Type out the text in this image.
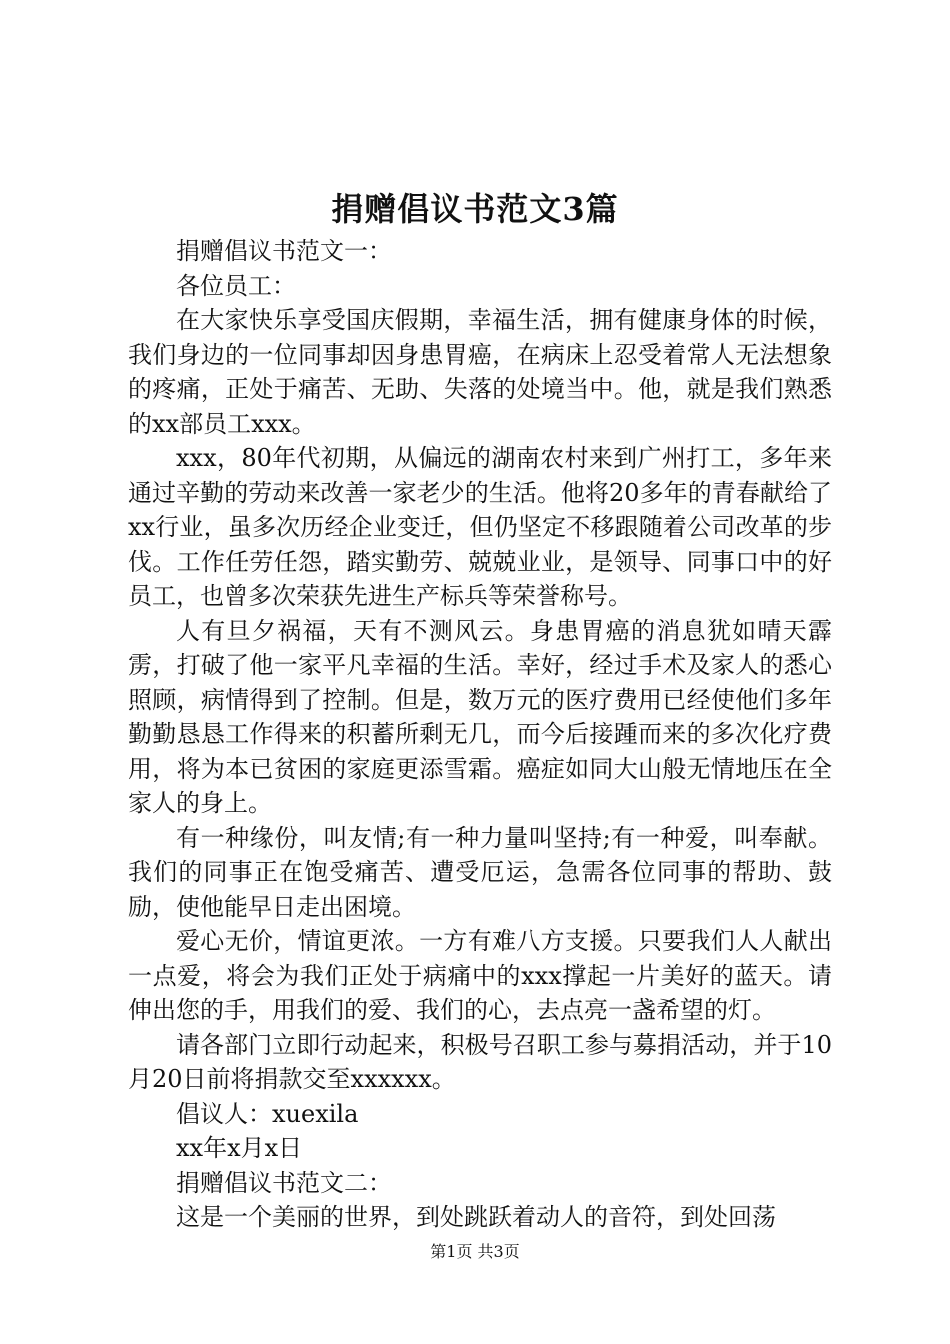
捐赠倡议书范文3篇

捐赠倡议书范文一：

各位员工：

在大家快乐享受国庆假期，幸福生活，拥有健康身体的时候，我们身边的一位同事却因身患胃癌，在病床上忍受着常人无法想象的疼痛，正处于痛苦、无助、失落的处境当中。他，就是我们熟悉的xx部员工xxx。

xxx，80年代初期，从偏远的湖南农村来到广州打工，多年来通过辛勤的劳动来改善一家老少的生活。他将20多年的青春献给了xx行业，虽多次历经企业变迁，但仍坚定不移跟随着公司改革的步伐。工作任劳任怨，踏实勤劳、兢兢业业，是领导、同事口中的好员工，也曾多次荣获先进生产标兵等荣誉称号。

人有旦夕祸福，天有不测风云。身患胃癌的消息犹如晴天霹雳，打破了他一家平凡幸福的生活。幸好，经过手术及家人的悉心照顾，病情得到了控制。但是，数万元的医疗费用已经使他们多年勤勤恳恳工作得来的积蓄所剩无几，而今后接踵而来的多次化疗费用，将为本已贫困的家庭更添雪霜。癌症如同大山般无情地压在全家人的身上。

有一种缘份，叫友情;有一种力量叫坚持;有一种爱，叫奉献。我们的同事正在饱受痛苦、遭受厄运，急需各位同事的帮助、鼓励，使他能早日走出困境。

爱心无价，情谊更浓。一方有难八方支援。只要我们人人献出一点爱，将会为我们正处于病痛中的xxx撑起一片美好的蓝天。请伸出您的手，用我们的爱、我们的心，去点亮一盏希望的灯。

请各部门立即行动起来，积极号召职工参与募捐活动，并于10月20日前将捐款交至xxxxxx。

倡议人：xuexila

xx年x月x日

捐赠倡议书范文二：

这是一个美丽的世界，到处跳跃着动人的音符，到处回荡

第1页 共3页
